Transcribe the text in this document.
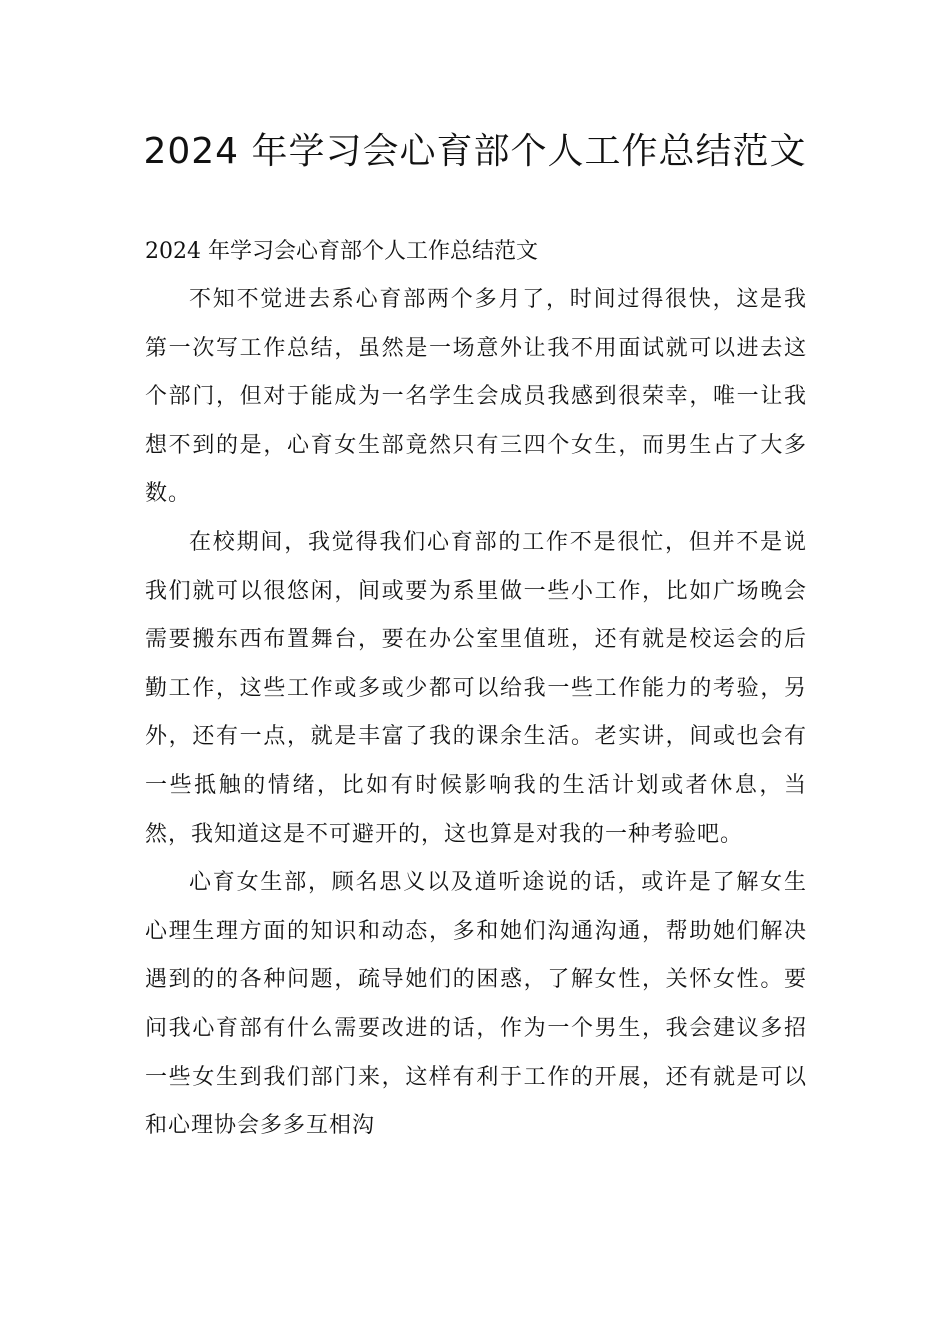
2024 年学习会心育部个人工作总结范文

2024 年学习会心育部个人工作总结范文

不知不觉进去系心育部两个多月了，时间过得很快，这是我第一次写工作总结，虽然是一场意外让我不用面试就可以进去这个部门，但对于能成为一名学生会成员我感到很荣幸，唯一让我想不到的是，心育女生部竟然只有三四个女生，而男生占了大多数。

在校期间，我觉得我们心育部的工作不是很忙，但并不是说我们就可以很悠闲，间或要为系里做一些小工作，比如广场晚会需要搬东西布置舞台，要在办公室里值班，还有就是校运会的后勤工作，这些工作或多或少都可以给我一些工作能力的考验，另外，还有一点，就是丰富了我的课余生活。老实讲，间或也会有一些抵触的情绪，比如有时候影响我的生活计划或者休息，当然，我知道这是不可避开的，这也算是对我的一种考验吧。

心育女生部，顾名思义以及道听途说的话，或许是了解女生心理生理方面的知识和动态，多和她们沟通沟通，帮助她们解决遇到的的各种问题，疏导她们的困惑，了解女性，关怀女性。要问我心育部有什么需要改进的话，作为一个男生，我会建议多招一些女生到我们部门来，这样有利于工作的开展，还有就是可以和心理协会多多互相沟
